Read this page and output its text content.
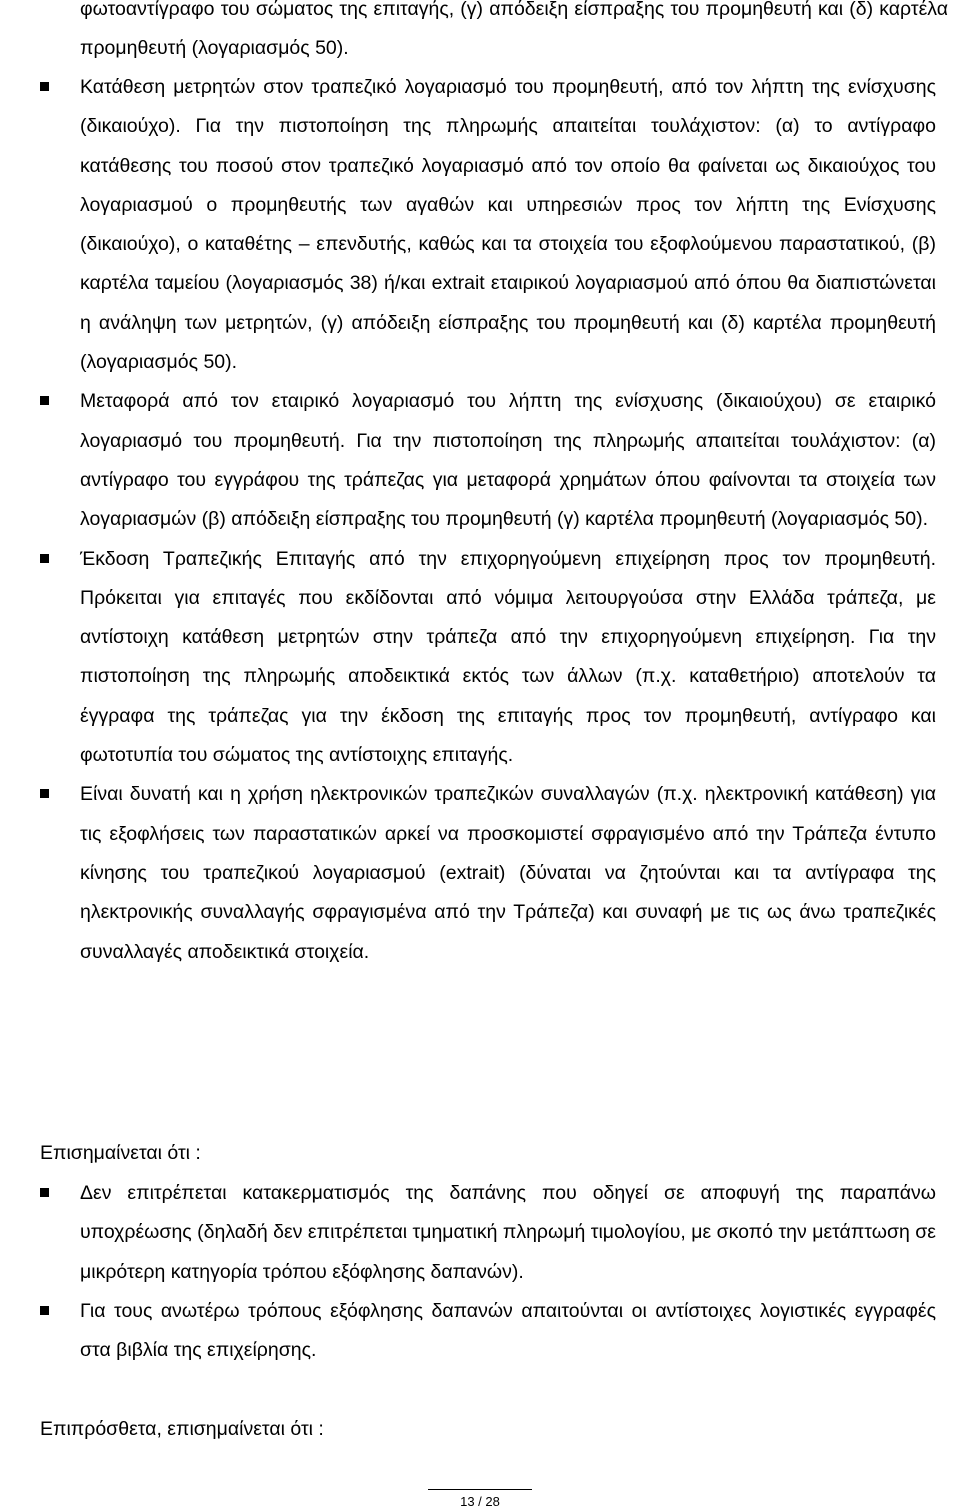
φωτοαντίγραφο του σώματος της επιταγής, (γ) απόδειξη είσπραξης του προμηθευτή και (δ) καρτέλα προμηθευτή (λογαριασμός 50).

Κατάθεση μετρητών στον τραπεζικό λογαριασμό του προμηθευτή, από τον λήπτη της ενίσχυσης (δικαιούχο). Για την πιστοποίηση της πληρωμής απαιτείται τουλάχιστον: (α) το αντίγραφο κατάθεσης του ποσού στον τραπεζικό λογαριασμό από τον οποίο θα φαίνεται ως δικαιούχος του λογαριασμού ο προμηθευτής των αγαθών και υπηρεσιών προς τον λήπτη της Ενίσχυσης (δικαιούχο), ο καταθέτης – επενδυτής, καθώς και τα στοιχεία του εξοφλούμενου παραστατικού, (β) καρτέλα ταμείου (λογαριασμός 38) ή/και extrait εταιρικού λογαριασμού από όπου θα διαπιστώνεται η ανάληψη των μετρητών, (γ) απόδειξη είσπραξης του προμηθευτή και (δ) καρτέλα προμηθευτή (λογαριασμός 50).
Μεταφορά από τον εταιρικό λογαριασμό του λήπτη της ενίσχυσης (δικαιούχου) σε εταιρικό λογαριασμό του προμηθευτή. Για την πιστοποίηση της πληρωμής απαιτείται τουλάχιστον: (α) αντίγραφο του εγγράφου της τράπεζας για μεταφορά χρημάτων όπου φαίνονται τα στοιχεία των λογαριασμών (β) απόδειξη είσπραξης του προμηθευτή (γ) καρτέλα προμηθευτή (λογαριασμός 50).
Έκδοση Τραπεζικής Επιταγής από την επιχορηγούμενη επιχείρηση προς τον προμηθευτή. Πρόκειται για επιταγές που εκδίδονται από νόμιμα λειτουργούσα στην Ελλάδα τράπεζα, με αντίστοιχη κατάθεση μετρητών στην τράπεζα από την επιχορηγούμενη επιχείρηση. Για την πιστοποίηση της πληρωμής αποδεικτικά εκτός των άλλων (π.χ. καταθετήριο) αποτελούν τα έγγραφα της τράπεζας για την έκδοση της επιταγής προς τον προμηθευτή, αντίγραφο και φωτοτυπία του σώματος της αντίστοιχης επιταγής.
Είναι δυνατή και η χρήση ηλεκτρονικών τραπεζικών συναλλαγών (π.χ. ηλεκτρονική κατάθεση) για τις εξοφλήσεις των παραστατικών αρκεί να προσκομιστεί σφραγισμένο από την Τράπεζα έντυπο κίνησης του τραπεζικού λογαριασμού (extrait) (δύναται να ζητούνται και τα αντίγραφα της ηλεκτρονικής συναλλαγής σφραγισμένα από την Τράπεζα) και συναφή με τις ως άνω τραπεζικές συναλλαγές αποδεικτικά στοιχεία.

Επισημαίνεται ότι :

Δεν επιτρέπεται κατακερματισμός της δαπάνης που οδηγεί σε αποφυγή της παραπάνω υποχρέωσης (δηλαδή δεν επιτρέπεται τμηματική πληρωμή τιμολογίου, με σκοπό την μετάπτωση σε μικρότερη κατηγορία τρόπου εξόφλησης δαπανών).
Για τους ανωτέρω τρόπους εξόφλησης δαπανών απαιτούνται οι αντίστοιχες λογιστικές εγγραφές στα βιβλία της επιχείρησης.

Επιπρόσθετα, επισημαίνεται ότι :

13 / 28
